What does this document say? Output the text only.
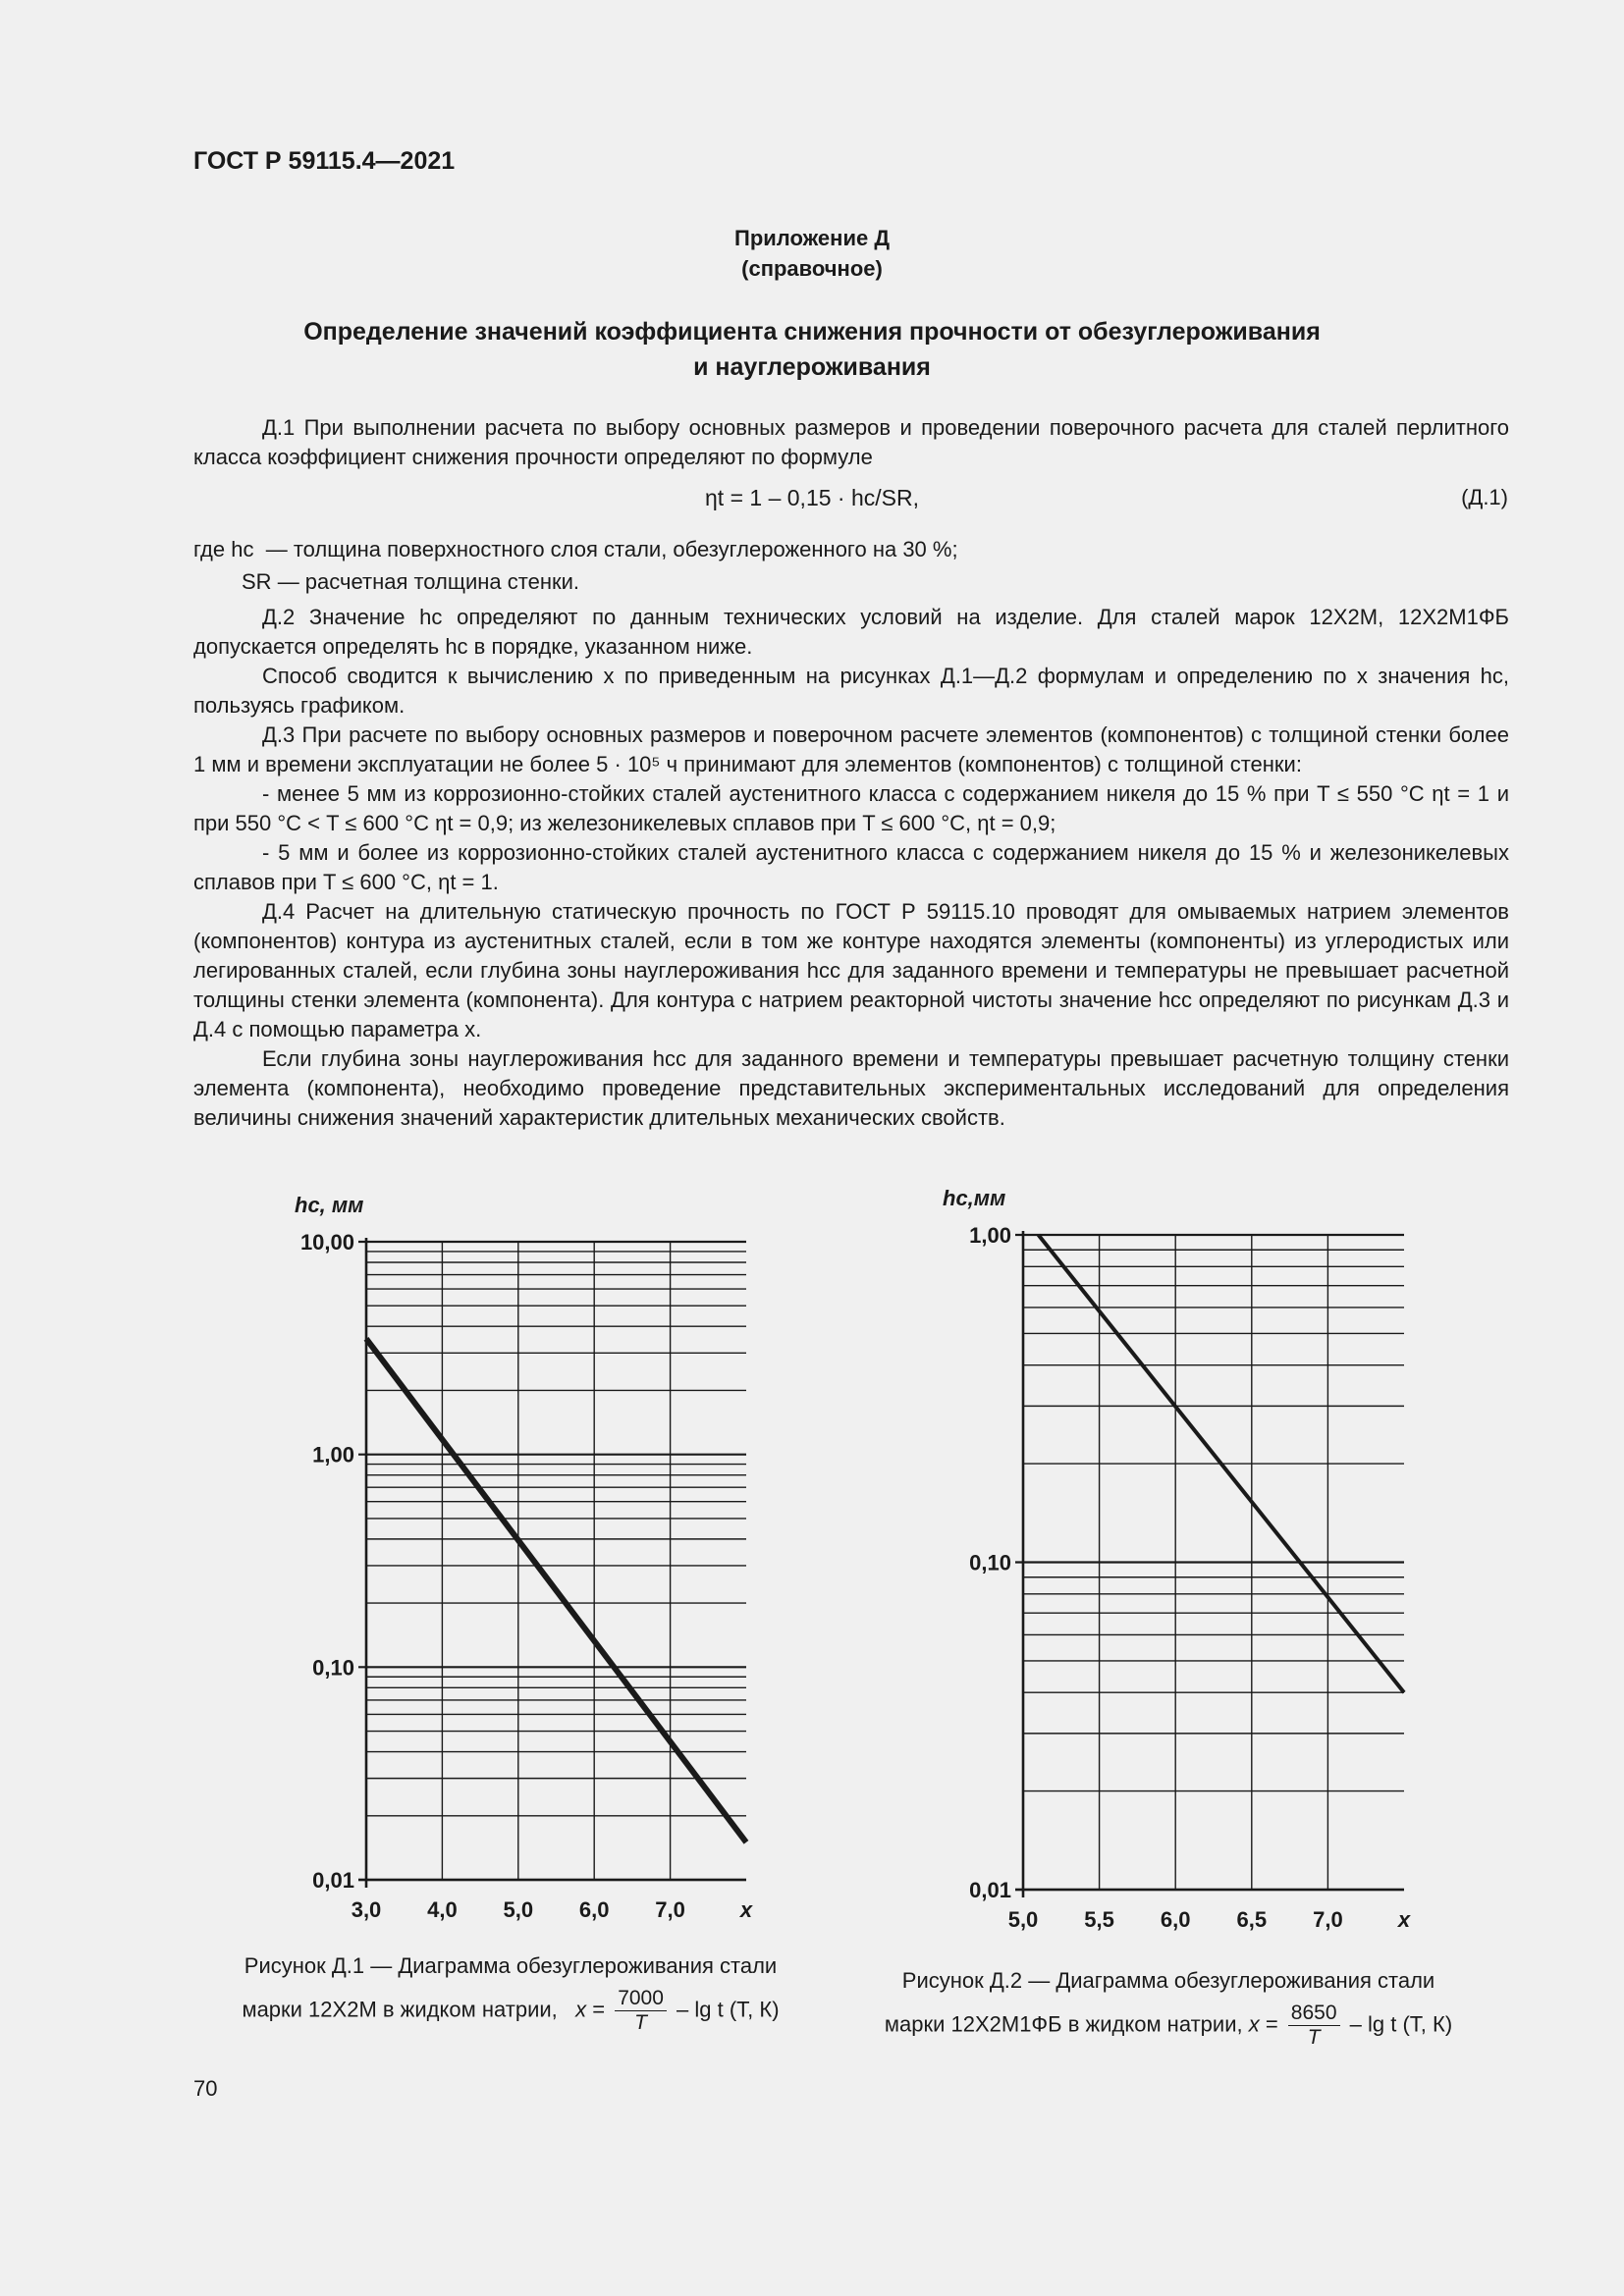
ГОСТ Р 59115.4—2021
Приложение Д
(справочное)
Определение значений коэффициента снижения прочности от обезуглероживания
и науглероживания

Д.1 При выполнении расчета по выбору основных размеров и проведении поверочного расчета для сталей перлитного класса коэффициент снижения прочности определяют по формуле

ηt = 1 – 0,15 · hc/SR,	(Д.1)
где hc — толщина поверхностного слоя стали, обезуглероженного на 30 %;
SR — расчетная толщина стенки.

Д.2 Значение hc определяют по данным технических условий на изделие. Для сталей марок 12Х2М, 12Х2М1ФБ допускается определять hc в порядке, указанном ниже.

Способ сводится к вычислению x по приведенным на рисунках Д.1—Д.2 формулам и определению по x значения hc, пользуясь графиком.

Д.3 При расчете по выбору основных размеров и поверочном расчете элементов (компонентов) с толщиной стенки более 1 мм и времени эксплуатации не более 5 · 10⁵ ч принимают для элементов (компонентов) с толщиной стенки:

- менее 5 мм из коррозионно-стойких сталей аустенитного класса с содержанием никеля до 15 % при T ≤ 550 °С ηt = 1 и при 550 °С < T ≤ 600 °С ηt = 0,9; из железоникелевых сплавов при T ≤ 600 °С, ηt = 0,9;

- 5 мм и более из коррозионно-стойких сталей аустенитного класса с содержанием никеля до 15 % и железоникелевых сплавов при T ≤ 600 °С, ηt = 1.

Д.4 Расчет на длительную статическую прочность по ГОСТ Р 59115.10 проводят для омываемых натрием элементов (компонентов) контура из аустенитных сталей, если в том же контуре находятся элементы (компоненты) из углеродистых или легированных сталей, если глубина зоны науглероживания hcc для заданного времени и температуры не превышает расчетной толщины стенки элемента (компонента). Для контура с натрием реакторной чистоты значение hcc определяют по рисункам Д.3 и Д.4 с помощью параметра x.

Если глубина зоны науглероживания hcc для заданного времени и температуры превышает расчетную толщину стенки элемента (компонента), необходимо проведение представительных экспериментальных исследований для определения величины снижения значений характеристик длительных механических свойств.

10,00
1,00
0,10
0,01
3,0 4,0 5,0 6,0 7,0	x
hc, мм
1,00
0,10
0,01
5,0 5,5 6,0 6,5 7,0	x
hc,мм
Рисунок Д.1 — Диаграмма обезуглероживания стали
марки 12Х2М в жидком натрии, $x = \frac{7000}{T} - \lg t$ (T, К)
Рисунок Д.2 — Диаграмма обезуглероживания стали
марки 12Х2М1ФБ в жидком натрии, $x = \frac{8650}{T} - \lg t$ (T, К)
70
